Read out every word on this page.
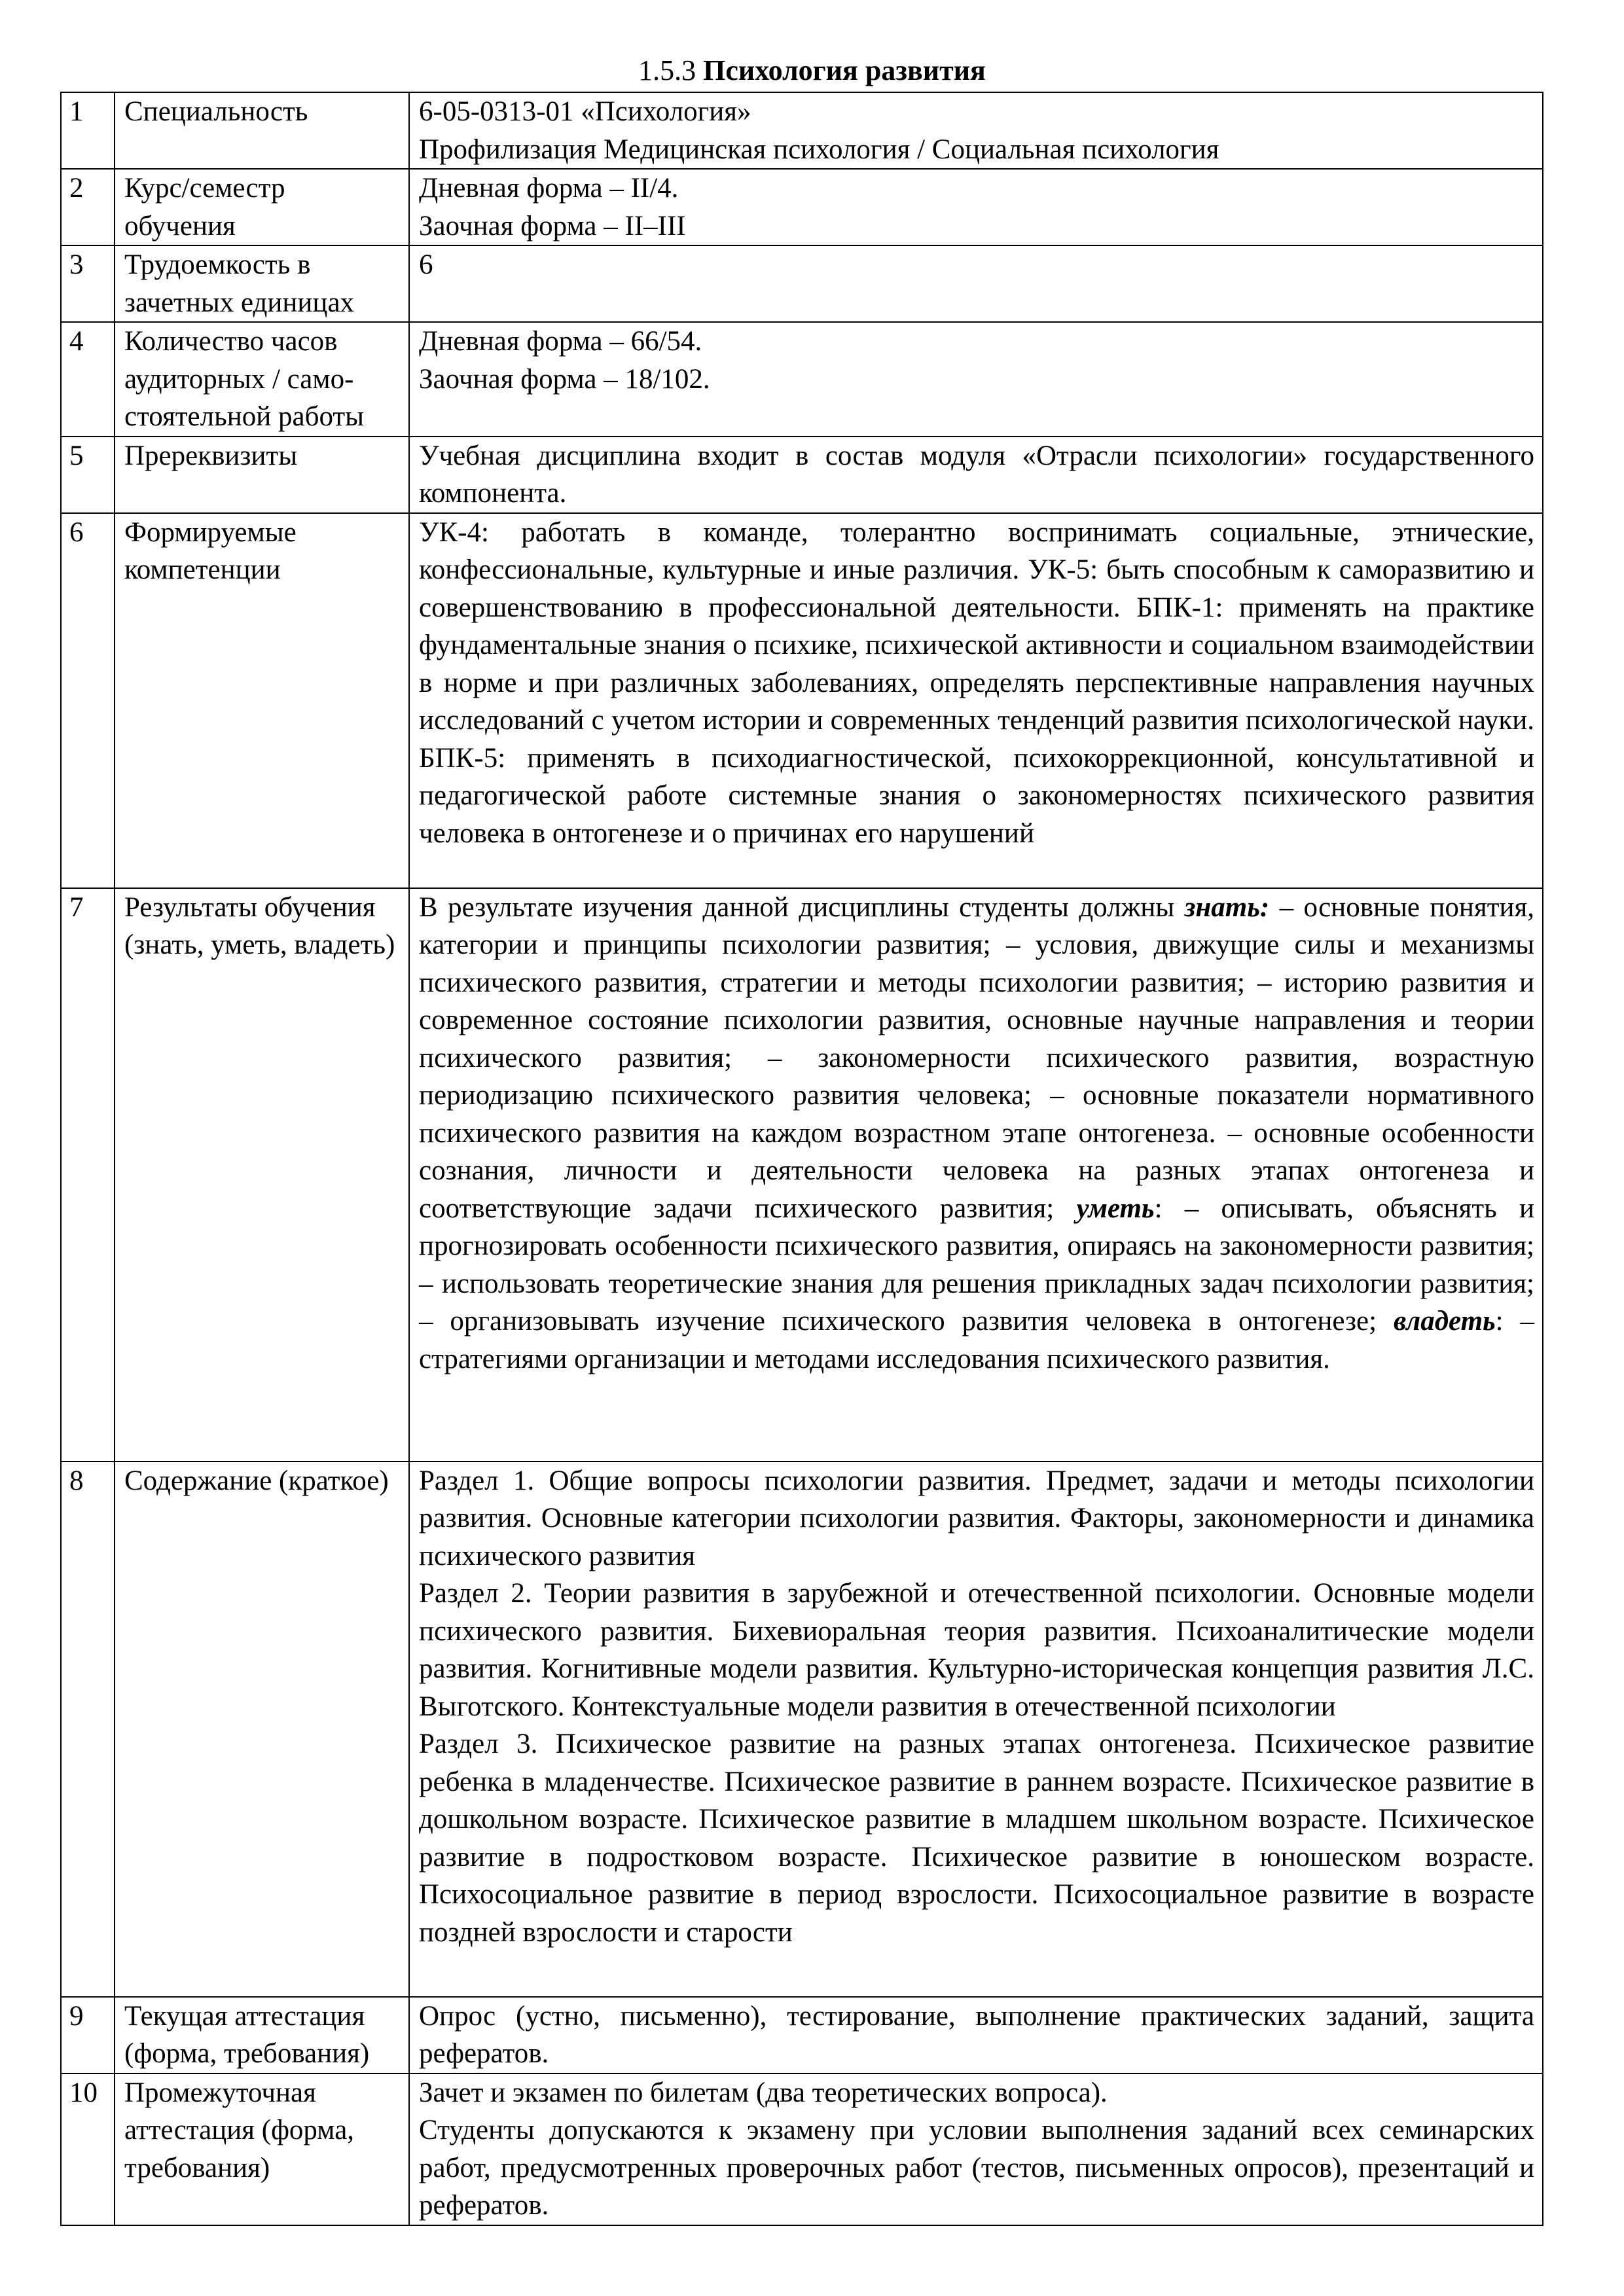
1.5.3 Психология развития
1	Специальность	6-05-0313-01 «Психология»

Профилизация Медицинская психология / Социальная психология

2	Курс/семестр обучения	Дневная форма – II/4.

Заочная форма – II–III

3	Трудоемкость в зачетных единицах	6

4	Количество часов аудиторных / само-стоятельной работы	Дневная форма – 66/54.

Заочная форма – 18/102.

5	Пререквизиты	Учебная дисциплина входит в состав модуля «Отрасли психологии» государственного компонента.

6	Формируемые компетенции	УК-4: работать в команде, толерантно воспринимать социальные, этнические, конфессиональные, культурные и иные различия. УК-5: быть способным к саморазвитию и совершенствованию в профессиональной деятельности. БПК-1: применять на практике фундаментальные знания о психике, психической активности и социальном взаимодействии в норме и при различных заболеваниях, определять перспективные направления научных исследований с учетом истории и современных тенденций развития психологической науки. БПК-5: применять в психодиагностической, психокоррекционной, консультативной и педагогической работе системные знания о закономерностях психического развития человека в онтогенезе и о причинах его нарушений

7	Результаты обучения (знать, уметь, владеть)	В результате изучения данной дисциплины студенты должны знать: – основные понятия, категории и принципы психологии развития; – условия, движущие силы и механизмы психического развития, стратегии и методы психологии развития; – историю развития и современное состояние психологии развития, основные научные направления и теории психического развития; – закономерности психического развития, возрастную периодизацию психического развития человека; – основные показатели нормативного психического развития на каждом возрастном этапе онтогенеза. – основные особенности сознания, личности и деятельности человека на разных этапах онтогенеза и соответствующие задачи психического развития; уметь: – описывать, объяснять и прогнозировать особенности психического развития, опираясь на закономерности развития; – использовать теоретические знания для решения прикладных задач психологии развития; – организовывать изучение психического развития человека в онтогенезе; владеть: – стратегиями организации и методами исследования психического развития.

8	Содержание (краткое)	Раздел 1. Общие вопросы психологии развития. Предмет, задачи и методы психологии развития. Основные категории психологии развития. Факторы, закономерности и динамика психического развития

Раздел 2. Теории развития в зарубежной и отечественной психологии. Основные модели психического развития. Бихевиоральная теория развития. Психоаналитические модели развития. Когнитивные модели развития. Культурно-историческая концепция развития Л.С. Выготского. Контекстуальные модели развития в отечественной психологии

Раздел 3. Психическое развитие на разных этапах онтогенеза. Психическое развитие ребенка в младенчестве. Психическое развитие в раннем возрасте. Психическое развитие в дошкольном возрасте. Психическое развитие в младшем школьном возрасте. Психическое развитие в подростковом возрасте. Психическое развитие в юношеском возрасте. Психосоциальное развитие в период взрослости. Психосоциальное развитие в возрасте поздней взрослости и старости

9	Текущая аттестация (форма, требования)	Опрос (устно, письменно), тестирование, выполнение практических заданий, защита рефератов.

10	Промежуточная аттестация (форма, требования)	Зачет и экзамен по билетам (два теоретических вопроса).

Студенты допускаются к экзамену при условии выполнения заданий всех семинарских работ, предусмотренных проверочных работ (тестов, письменных опросов), презентаций и рефератов.
